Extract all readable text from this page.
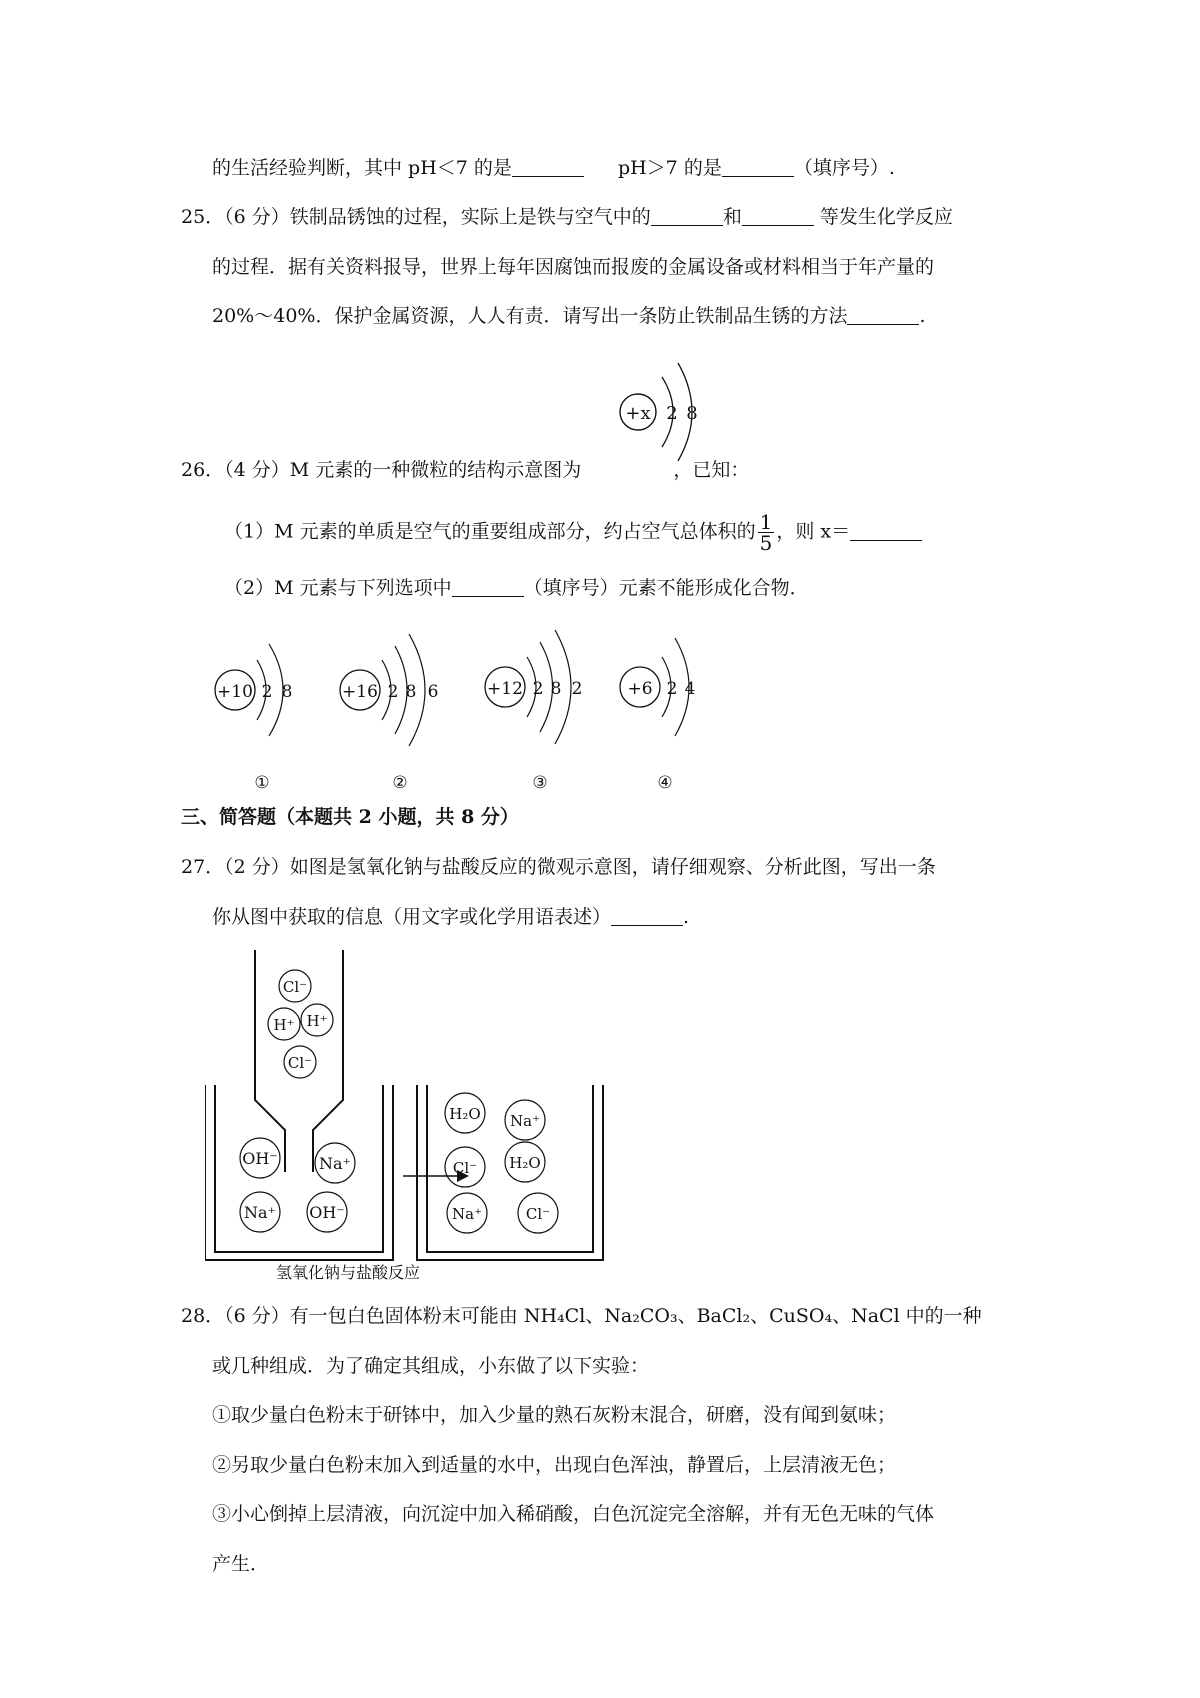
的生活经验判断，其中 pH＜7 的是	pH＞7 的是	（填序号）.
25．（6 分）铁制品锈蚀的过程，实际上是铁与空气中的	和	等发生化学反应
的过程．据有关资料报导，世界上每年因腐蚀而报废的金属设备或材料相当于年产量的
20%～40%．保护金属资源，人人有责．请写出一条防止铁制品生锈的方法	.
+x 2 8
26．（4 分）M 元素的一种微粒的结构示意图为	，已知：
（1）M 元素的单质是空气的重要组成部分，约占空气总体积的 $\frac{1}{5}$ ，则 x＝
（2）M 元素与下列选项中	（填序号）元素不能形成化合物．
+10 2 8
①
+16 2 8 6
②
+12 2 8 2
③
+6 2 4
④
三、简答题（本题共 2 小题，共 8 分）
27．（2 分）如图是氢氧化钠与盐酸反应的微观示意图，请仔细观察、分析此图，写出一条
你从图中获取的信息（用文字或化学用语表述）	.
Cl⁻
H⁺ H⁺
Cl⁻
OH⁻	Na⁺
Na⁺ OH⁻
H₂O Na⁺
Cl⁻ H₂O
Na⁺	Cl⁻
氢氧化钠与盐酸反应
28．（6 分）有一包白色固体粉末可能由 NH₄Cl、Na₂CO₃、BaCl₂、CuSO₄、NaCl 中的一种
或几种组成．为了确定其组成，小东做了以下实验：
①取少量白色粉末于研钵中，加入少量的熟石灰粉末混合，研磨，没有闻到氨味；
②另取少量白色粉末加入到适量的水中，出现白色浑浊，静置后，上层清液无色；
③小心倒掉上层清液，向沉淀中加入稀硝酸，白色沉淀完全溶解，并有无色无味的气体
产生．
